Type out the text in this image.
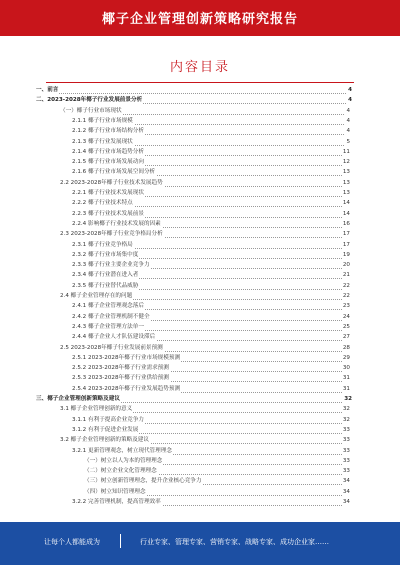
椰子企业管理创新策略研究报告
内容目录
一、前言	4
二、2023-2028年椰子行业发展前景分析	4
（一）椰子行业市场现状	4
2.1.1 椰子行业市场规模	4
2.1.2 椰子行业市场结构分析	4
2.1.3 椰子行业发展现状	5
2.1.4 椰子行业市场趋势分析	11
2.1.5 椰子行业市场发展动向	12
2.1.6 椰子行业市场发展空间分析	13
2.2 2023-2028年椰子行业技术发展趋势	13
2.2.1 椰子行业技术发展现状	13
2.2.2 椰子行业技术特点	14
2.2.3 椰子行业技术发展前景	14
2.2.4 影响椰子行业技术发展的因素	16
2.3 2023-2028年椰子行业竞争格局分析	17
2.3.1 椰子行业竞争格局	17
2.3.2 椰子行业市场集中度	19
2.3.3 椰子行业主要企业竞争力	20
2.3.4 椰子行业潜在进入者	21
2.3.5 椰子行业替代品威胁	22
2.4 椰子企业管理存在的问题	22
2.4.1 椰子企业管理观念落后	23
2.4.2 椰子企业管理机制不健全	24
2.4.3 椰子企业管理方法单一	25
2.4.4 椰子企业人才队伍建设滞后	27
2.5 2023-2028年椰子行业发展前景预测	28
2.5.1 2023-2028年椰子行业市场规模预测	29
2.5.2 2023-2028年椰子行业需求预测	30
2.5.3 2023-2028年椰子行业供给预测	31
2.5.4 2023-2028年椰子行业发展趋势预测	31
三、椰子企业管理创新策略及建议	32
3.1 椰子企业管理创新的意义	32
3.1.1 有利于提高企业竞争力	32
3.1.2 有利于促进企业发展	33
3.2 椰子企业管理创新的策略及建议	33
3.2.1 更新管理观念，树立现代管理理念	33
（一）树立以人为本的管理理念	33
（二）树立企业文化管理理念	33
（三）树立创新管理理念，提升企业核心竞争力	34
（四）树立知识管理理念	34
3.2.2 完善管理机制，提高管理效率	34
让每个人都能成为	行业专家、管理专家、营销专家、战略专家、成功企业家……
